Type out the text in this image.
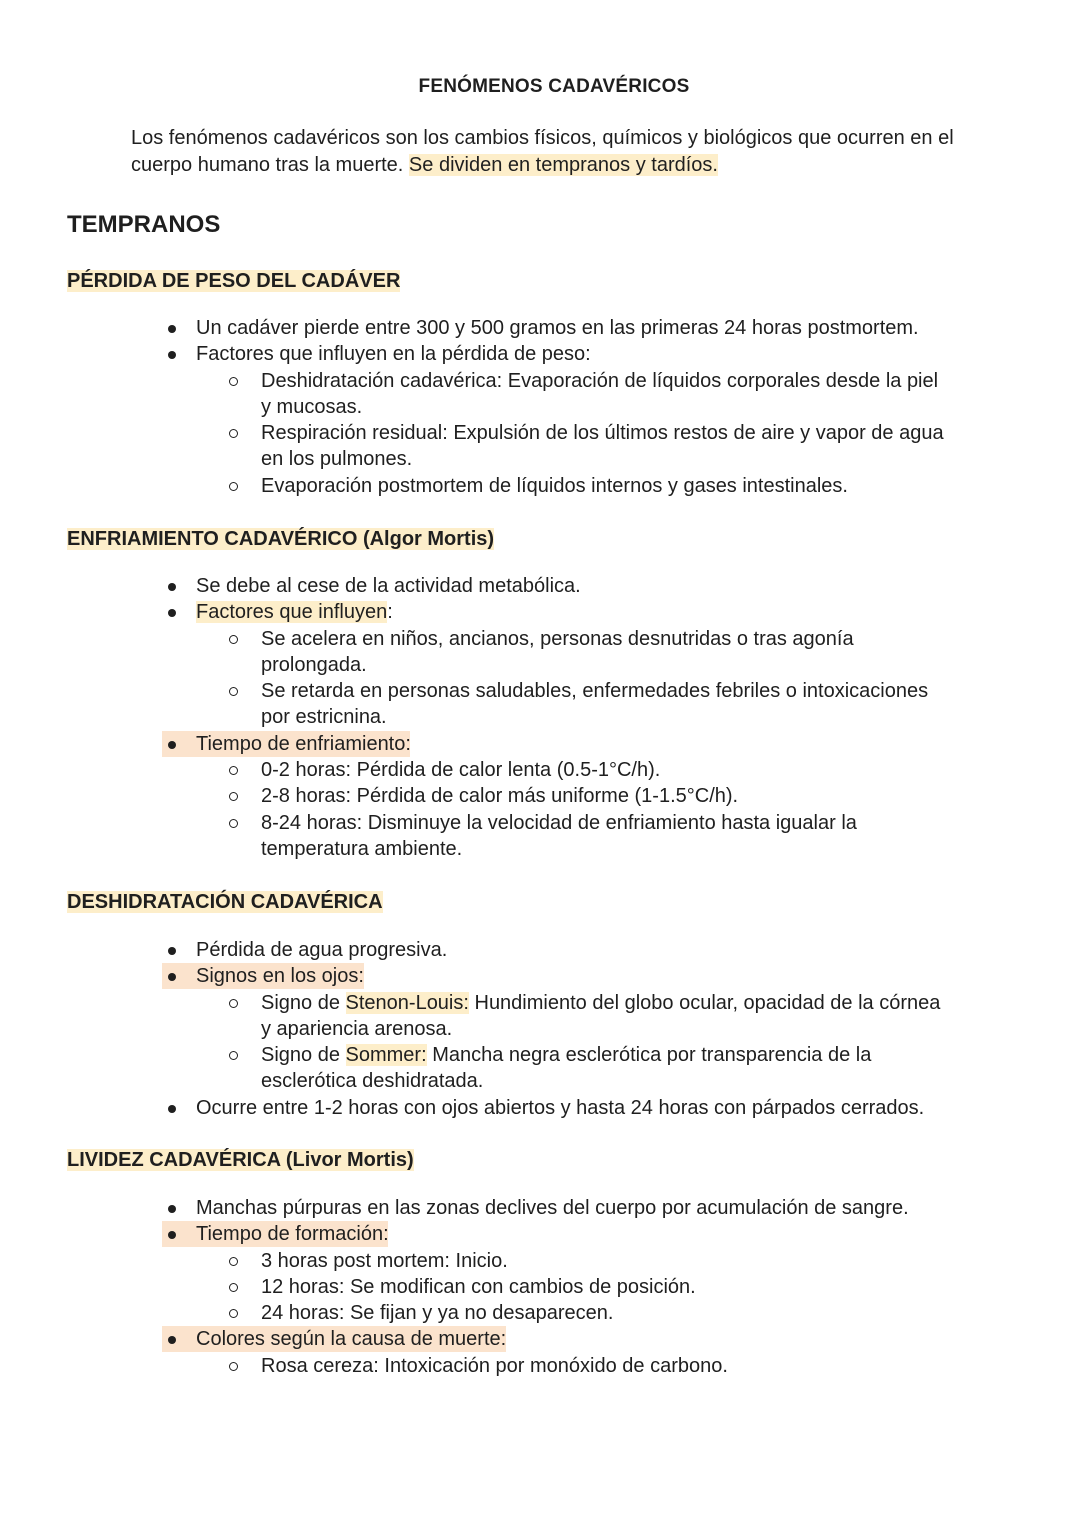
FENÓMENOS CADAVÉRICOS

Los fenómenos cadavéricos son los cambios físicos, químicos y biológicos que ocurren en el cuerpo humano tras la muerte. Se dividen en tempranos y tardíos.

TEMPRANOS
PÉRDIDA DE PESO DEL CADÁVER
Un cadáver pierde entre 300 y 500 gramos en las primeras 24 horas postmortem.
Factores que influyen en la pérdida de peso:
Deshidratación cadavérica: Evaporación de líquidos corporales desde la piel y mucosas.
Respiración residual: Expulsión de los últimos restos de aire y vapor de agua en los pulmones.
Evaporación postmortem de líquidos internos y gases intestinales.
ENFRIAMIENTO CADAVÉRICO (Algor Mortis)
Se debe al cese de la actividad metabólica.
Factores que influyen:
Se acelera en niños, ancianos, personas desnutridas o tras agonía prolongada.
Se retarda en personas saludables, enfermedades febriles o intoxicaciones por estricnina.
Tiempo de enfriamiento:
0-2 horas: Pérdida de calor lenta (0.5-1°C/h).
2-8 horas: Pérdida de calor más uniforme (1-1.5°C/h).
8-24 horas: Disminuye la velocidad de enfriamiento hasta igualar la temperatura ambiente.
DESHIDRATACIÓN CADAVÉRICA
Pérdida de agua progresiva.
Signos en los ojos:
Signo de Stenon-Louis: Hundimiento del globo ocular, opacidad de la córnea y apariencia arenosa.
Signo de Sommer: Mancha negra esclerótica por transparencia de la esclerótica deshidratada.
Ocurre entre 1-2 horas con ojos abiertos y hasta 24 horas con párpados cerrados.
LIVIDEZ CADAVÉRICA (Livor Mortis)
Manchas púrpuras en las zonas declives del cuerpo por acumulación de sangre.
Tiempo de formación:
3 horas post mortem: Inicio.
12 horas: Se modifican con cambios de posición.
24 horas: Se fijan y ya no desaparecen.
Colores según la causa de muerte:
Rosa cereza: Intoxicación por monóxido de carbono.
